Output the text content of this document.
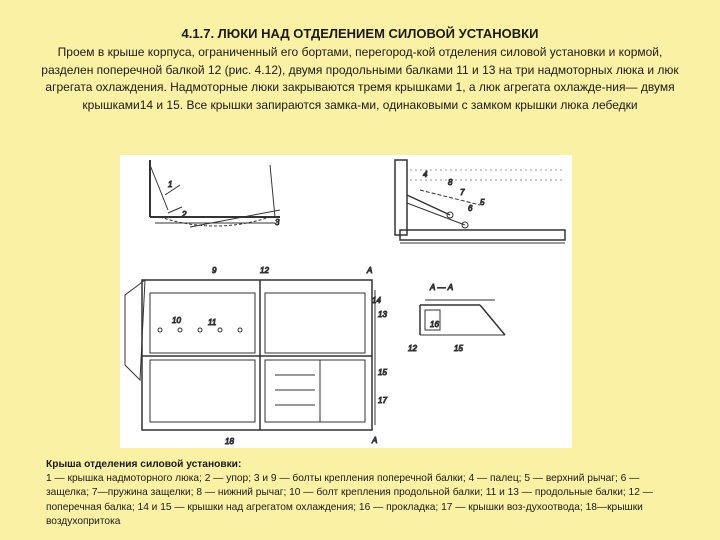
4.1.7. ЛЮКИ НАД ОТДЕЛЕНИЕМ СИЛОВОЙ УСТАНОВКИ
Проем в крыше корпуса, ограниченный его бортами, перегород-кой отделения силовой установки и кормой, разделен поперечной балкой 12 (рис. 4.12), двумя продольными балками 11 и 13 на три надмоторных люка и люк агрегата охлаждения. Надмоторные люки закрываются тремя крышками 1, а люк агрегата охлажде-ния— двумя крышками14 и 15. Все крышки запираются замка-ми, одинаковыми с замком крышки люка лебедки
1
2
3
4
8
7
6
5
9
10	11
12
13
14
15
17
18
А
А
А — А
12	15
16
Крыша отделения силовой установки:
1 — крышка надмоторного люка; 2 — упор; 3 и 9 — болты крепления поперечной балки; 4 — палец; 5 — верхний рычаг; 6 —защелка; 7—пружина защелки; 8 — нижний рычаг; 10 — болт крепления продольной балки; 11 и 13 — продольные балки; 12 — поперечная балка; 14 и 15 — крышки над агрегатом охлаждения; 16 — прокладка; 17 — крышки воз-духоотвода; 18—крышки воздухопритока
